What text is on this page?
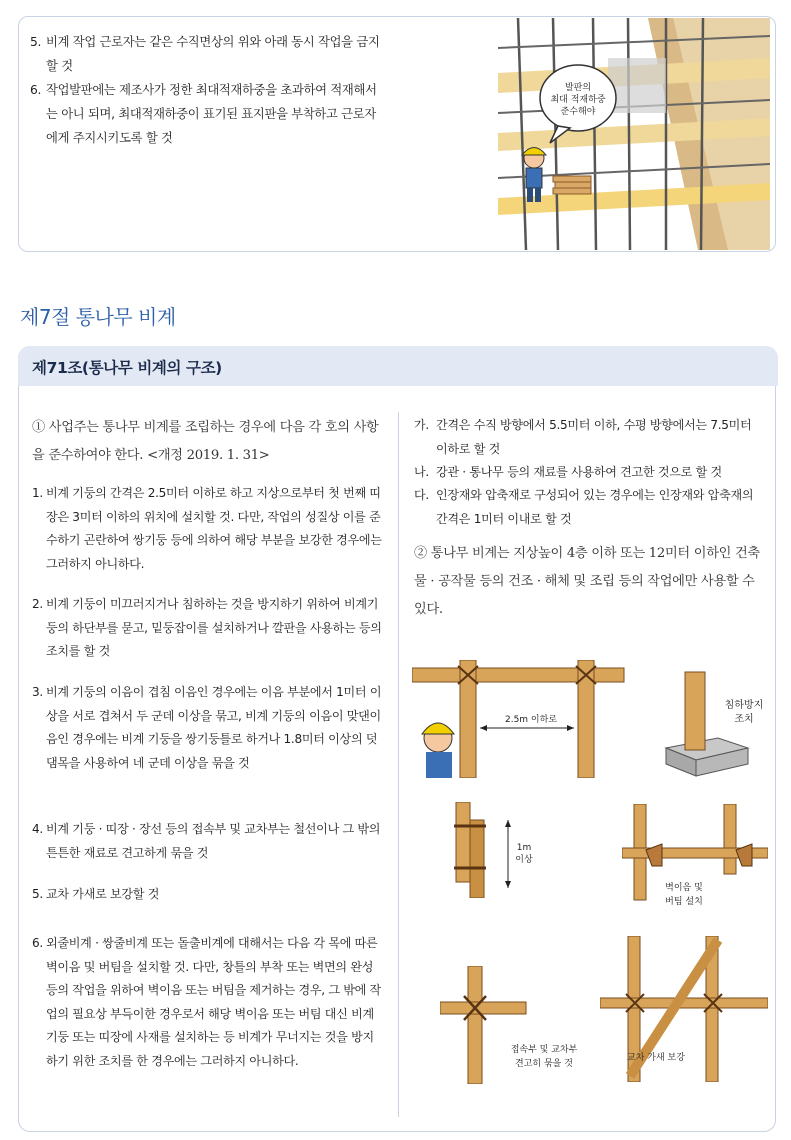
5. 비계 작업 근로자는 같은 수직면상의 위와 아래 동시 작업을 금지할 것
6. 작업발판에는 제조사가 정한 최대적재하중을 초과하여 적재해서는 아니 되며, 최대적재하중이 표기된 표지판을 부착하고 근로자에게 주지시키도록 할 것
발판의
최대 적재하중
준수해야
제7절 통나무 비계
제71조(통나무 비계의 구조)
① 사업주는 통나무 비계를 조립하는 경우에 다음 각 호의 사항을 준수하여야 한다. <개정 2019. 1. 31>
1. 비계 기둥의 간격은 2.5미터 이하로 하고 지상으로부터 첫 번째 띠장은 3미터 이하의 위치에 설치할 것. 다만, 작업의 성질상 이를 준수하기 곤란하여 쌍기둥 등에 의하여 해당 부분을 보강한 경우에는 그러하지 아니하다.
2. 비계 기둥이 미끄러지거나 침하하는 것을 방지하기 위하여 비계기둥의 하단부를 묻고, 밑둥잡이를 설치하거나 깔판을 사용하는 등의 조치를 할 것
3. 비계 기둥의 이음이 겹침 이음인 경우에는 이음 부분에서 1미터 이상을 서로 겹쳐서 두 군데 이상을 묶고, 비계 기둥의 이음이 맞댄이음인 경우에는 비계 기둥을 쌍기둥틀로 하거나 1.8미터 이상의 덧댐목을 사용하여 네 군데 이상을 묶을 것
4. 비계 기둥 · 띠장 · 장선 등의 접속부 및 교차부는 철선이나 그 밖의 튼튼한 재료로 견고하게 묶을 것
5. 교차 가새로 보강할 것
6. 외줄비계 · 쌍줄비계 또는 돌출비계에 대해서는 다음 각 목에 따른 벽이음 및 버팀을 설치할 것. 다만, 창틀의 부착 또는 벽면의 완성 등의 작업을 위하여 벽이음 또는 버팀을 제거하는 경우, 그 밖에 작업의 필요상 부득이한 경우로서 해당 벽이음 또는 버팀 대신 비계기둥 또는 띠장에 사재를 설치하는 등 비계가 무너지는 것을 방지하기 위한 조치를 한 경우에는 그러하지 아니하다.
가. 간격은 수직 방향에서 5.5미터 이하, 수평 방향에서는 7.5미터 이하로 할 것
나. 강관 · 통나무 등의 재료를 사용하여 견고한 것으로 할 것
다. 인장재와 압축재로 구성되어 있는 경우에는 인장재와 압축재의 간격은 1미터 이내로 할 것
② 통나무 비계는 지상높이 4층 이하 또는 12미터 이하인 건축물 · 공작물 등의 건조 · 해체 및 조립 등의 작업에만 사용할 수 있다.
2.5m 이하로
침하방지
조치
1m
이상
벽이음 및
버팀 설치
접속부 및 교차부
견고히 묶을 것
교차 가새 보강
